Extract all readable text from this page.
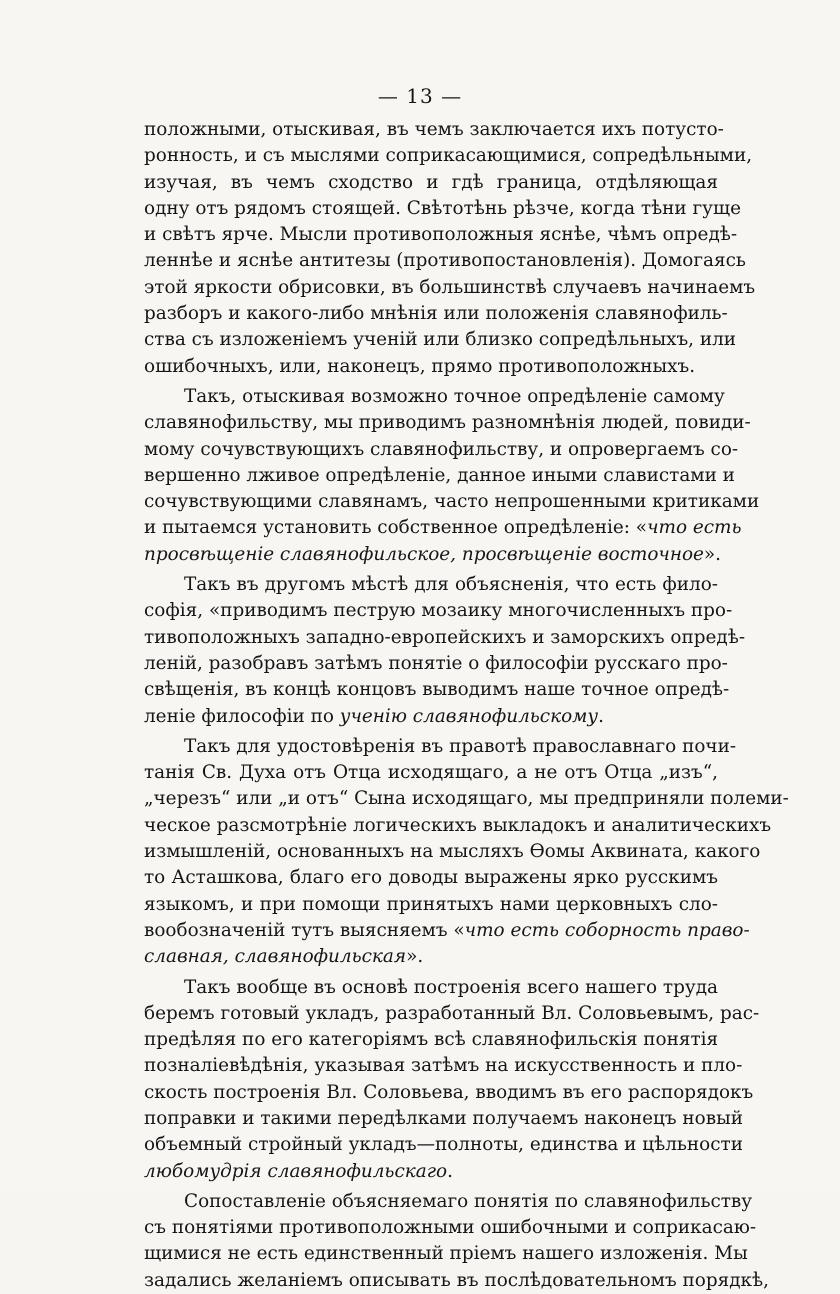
— 13 —
положными, отыскивая, въ чемъ заключается ихъ потусто-
ронность, и съ мыслями соприкасающимися, сопредѣльными,
изучая, въ чемъ сходство и гдѣ граница, отдѣляющая
одну отъ рядомъ стоящей. Свѣтотѣнь рѣзче, когда тѣни гуще
и свѣтъ ярче. Мысли противоположныя яснѣе, чѣмъ опредѣ-
леннѣе и яснѣе антитезы (противопостановленія). Домогаясь
этой яркости обрисовки, въ большинствѣ случаевъ начинаемъ
разборъ и какого-либо мнѣнія или положенія славянофиль-
ства съ изложеніемъ ученій или близко сопредѣльныхъ, или
ошибочныхъ, или, наконецъ, прямо противоположныхъ.
Такъ, отыскивая возможно точное опредѣленіе самому
славянофильству, мы приводимъ разномнѣнія людей, повиди-
мому сочувствующихъ славянофильству, и опровергаемъ со-
вершенно лживое опредѣленіе, данное иными славистами и
сочувствующими славянамъ, часто непрошенными критиками
и пытаемся установить собственное опредѣленіе: «что есть
просвѣщеніе славянофильское, просвѣщеніе восточное».
Такъ въ другомъ мѣстѣ для объясненія, что есть фило-
софія, «приводимъ пеструю мозаику многочисленныхъ про-
тивоположныхъ западно-европейскихъ и заморскихъ опредѣ-
леній, разобравъ затѣмъ понятіе о философіи русскаго про-
свѣщенія, въ концѣ концовъ выводимъ наше точное опредѣ-
леніе философіи по ученію славянофильскому.
Такъ для удостовѣренія въ правотѣ православнаго почи-
танія Св. Духа отъ Отца исходящаго, а не отъ Отца „изъ“,
„черезъ“ или „и отъ“ Сына исходящаго, мы предприняли полеми-
ческое разсмотрѣніе логическихъ выкладокъ и аналитическихъ
измышленій, основанныхъ на мысляхъ Ѳомы Аквината, какого
то Асташкова, благо его доводы выражены ярко русскимъ
языкомъ, и при помощи принятыхъ нами церковныхъ сло-
вообозначеній тутъ выясняемъ «что есть соборность право-
славная, славянофильская».
Такъ вообще въ основѣ построенія всего нашего труда
беремъ готовый укладъ, разработанный Вл. Соловьевымъ, рас-
предѣляя по его категоріямъ всѣ славянофильскія понятія
позналіевѣдѣнія, указывая затѣмъ на искусственность и пло-
скость построенія Вл. Соловьева, вводимъ въ его распорядокъ
поправки и такими передѣлками получаемъ наконецъ новый
объемный стройный укладъ—полноты, единства и цѣльности
любомудрія славянофильскаго.
Сопоставленіе объясняемаго понятія по славянофильству
съ понятіями противоположными ошибочными и соприкасаю-
щимися не есть единственный пріемъ нашего изложенія. Мы
задались желаніемъ описывать въ послѣдовательномъ порядкѣ,
